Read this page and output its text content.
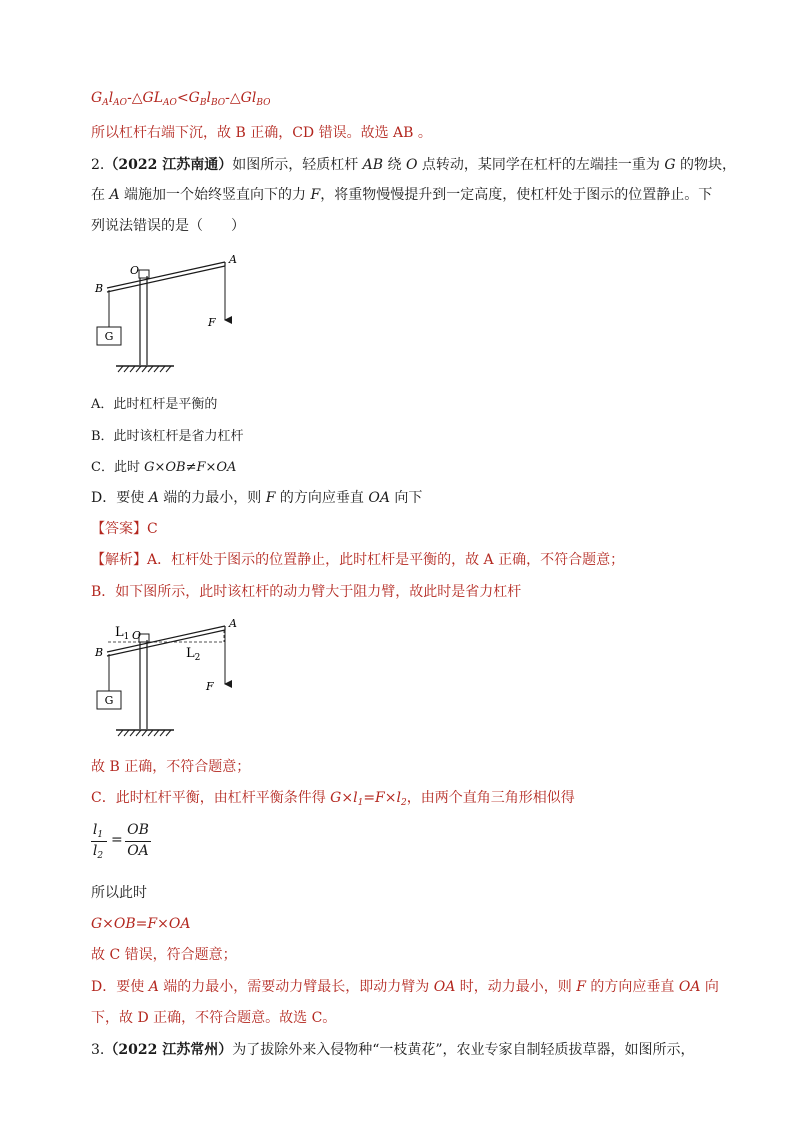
$G_Al_{AO}-\triangle GL_{AO}<G_Bl_{BO}-\triangle Gl_{BO}$
所以杠杆右端下沉，故 B 正确，CD 错误。故选 AB 。
2.（2022 江苏南通）如图所示，轻质杠杆 AB 绕 O 点转动，某同学在杠杆的左端挂一重为 G 的物块，
在 A 端施加一个始终竖直向下的力 F，将重物慢慢提升到一定高度，使杠杆处于图示的位置静止。下
列说法错误的是（　　）
G
F
O
A
B
A．此时杠杆是平衡的
B．此时该杠杆是省力杠杆
C．此时 G×OB≠F×OA
D．要使 A 端的力最小，则 F 的方向应垂直 OA 向下
【答案】C
【解析】A．杠杆处于图示的位置静止，此时杠杆是平衡的，故 A 正确，不符合题意；
B．如下图所示，此时该杠杆的动力臂大于阻力臂，故此时是省力杠杆
G
F
O
A
B
$L_1$
$L_2$
故 B 正确，不符合题意；
C．此时杠杆平衡，由杠杆平衡条件得 $G\times l_1=F\times l_2$，由两个直角三角形相似得
$l_1$
$l_2$
=
OB
OA
所以此时
G×OB=F×OA
故 C 错误，符合题意；
D．要使 A 端的力最小，需要动力臂最长，即动力臂为 OA 时，动力最小，则 F 的方向应垂直 OA 向
下，故 D 正确，不符合题意。故选 C。
3.（2022 江苏常州）为了拔除外来入侵物种“一枝黄花”，农业专家自制轻质拔草器，如图所示，
